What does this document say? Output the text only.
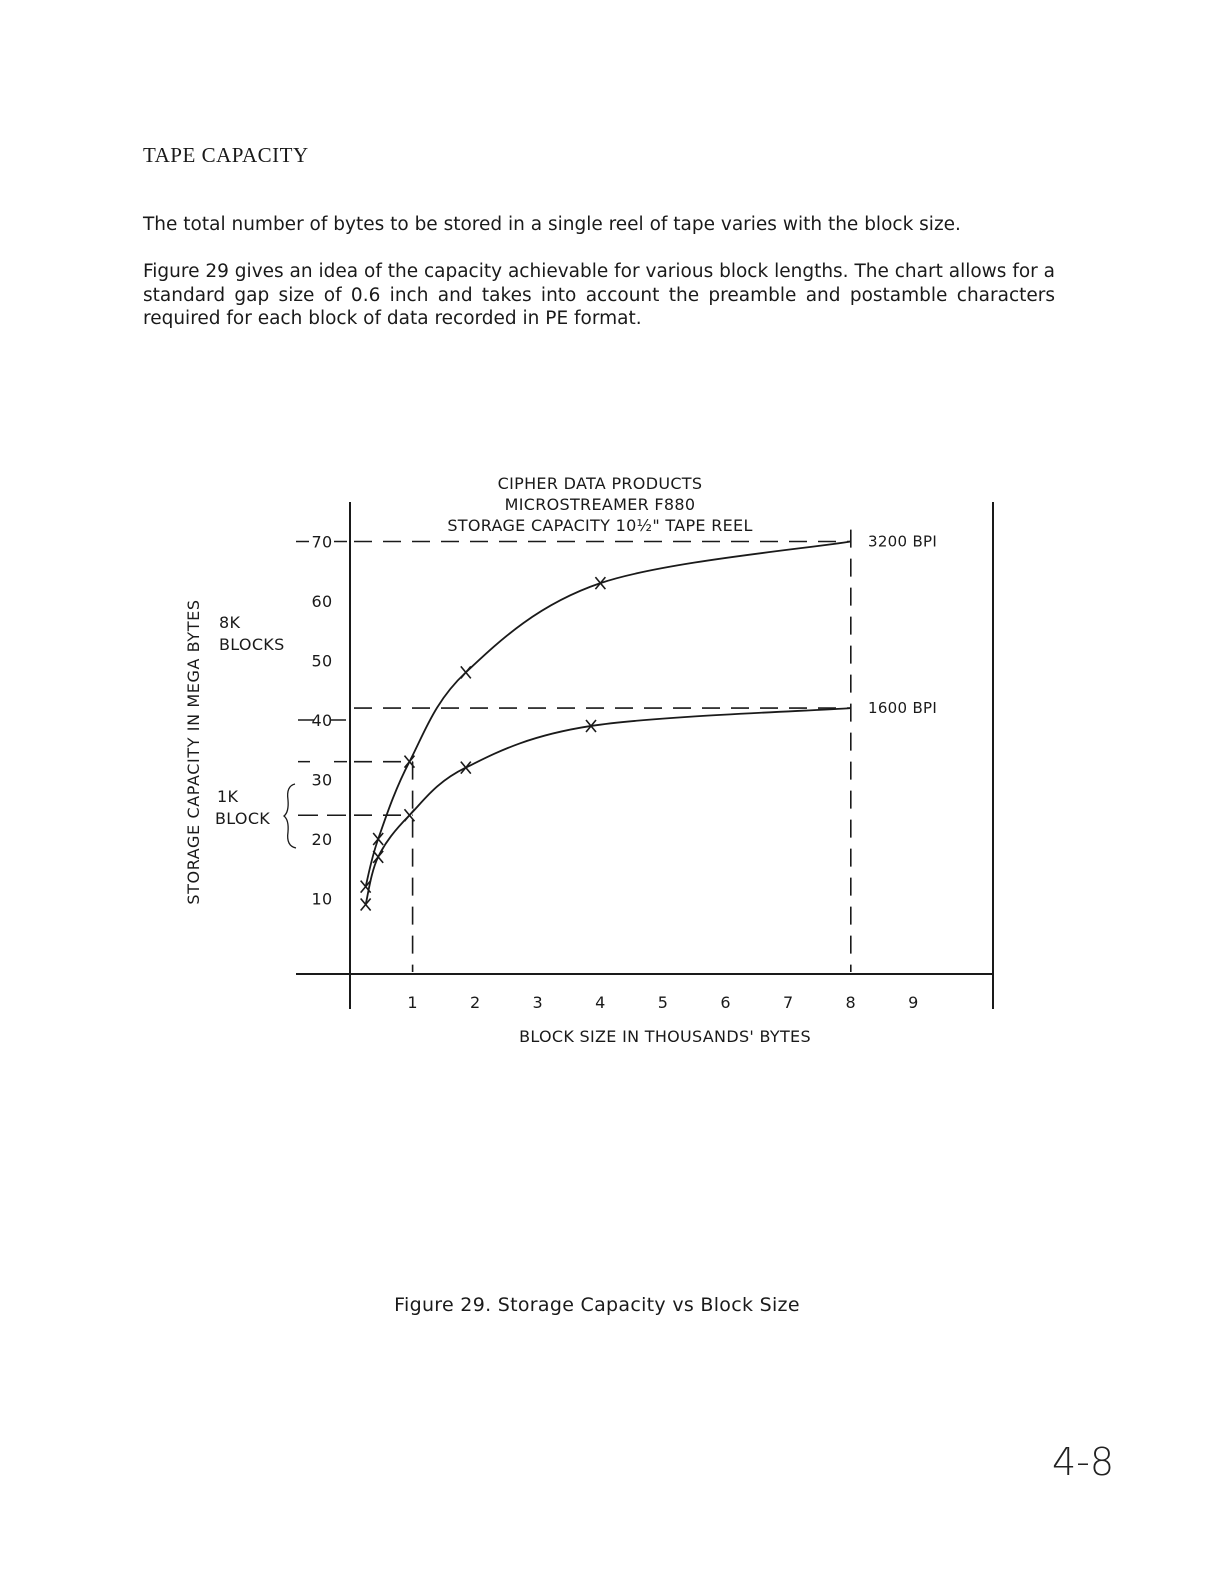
TAPE CAPACITY
The total number of bytes to be stored in a single reel of tape varies with the block size.
Figure 29 gives an idea of the capacity achievable for various block lengths. The chart allows for a standard gap size of 0.6 inch and takes into account the preamble and postamble characters required for each block of data recorded in PE format.
CIPHER DATA PRODUCTS
MICROSTREAMER F880
STORAGE CAPACITY 10½" TAPE REEL
1	2	3	4	5	6	7	8	9
BLOCK SIZE IN THOUSANDS' BYTES
10
20
30
40
50
60
70
STORAGE CAPACITY IN MEGA BYTES 8K
BLOCKS
1K
BLOCK
3200 BPI
1600 BPI
Figure 29. Storage Capacity vs Block Size
4-8
